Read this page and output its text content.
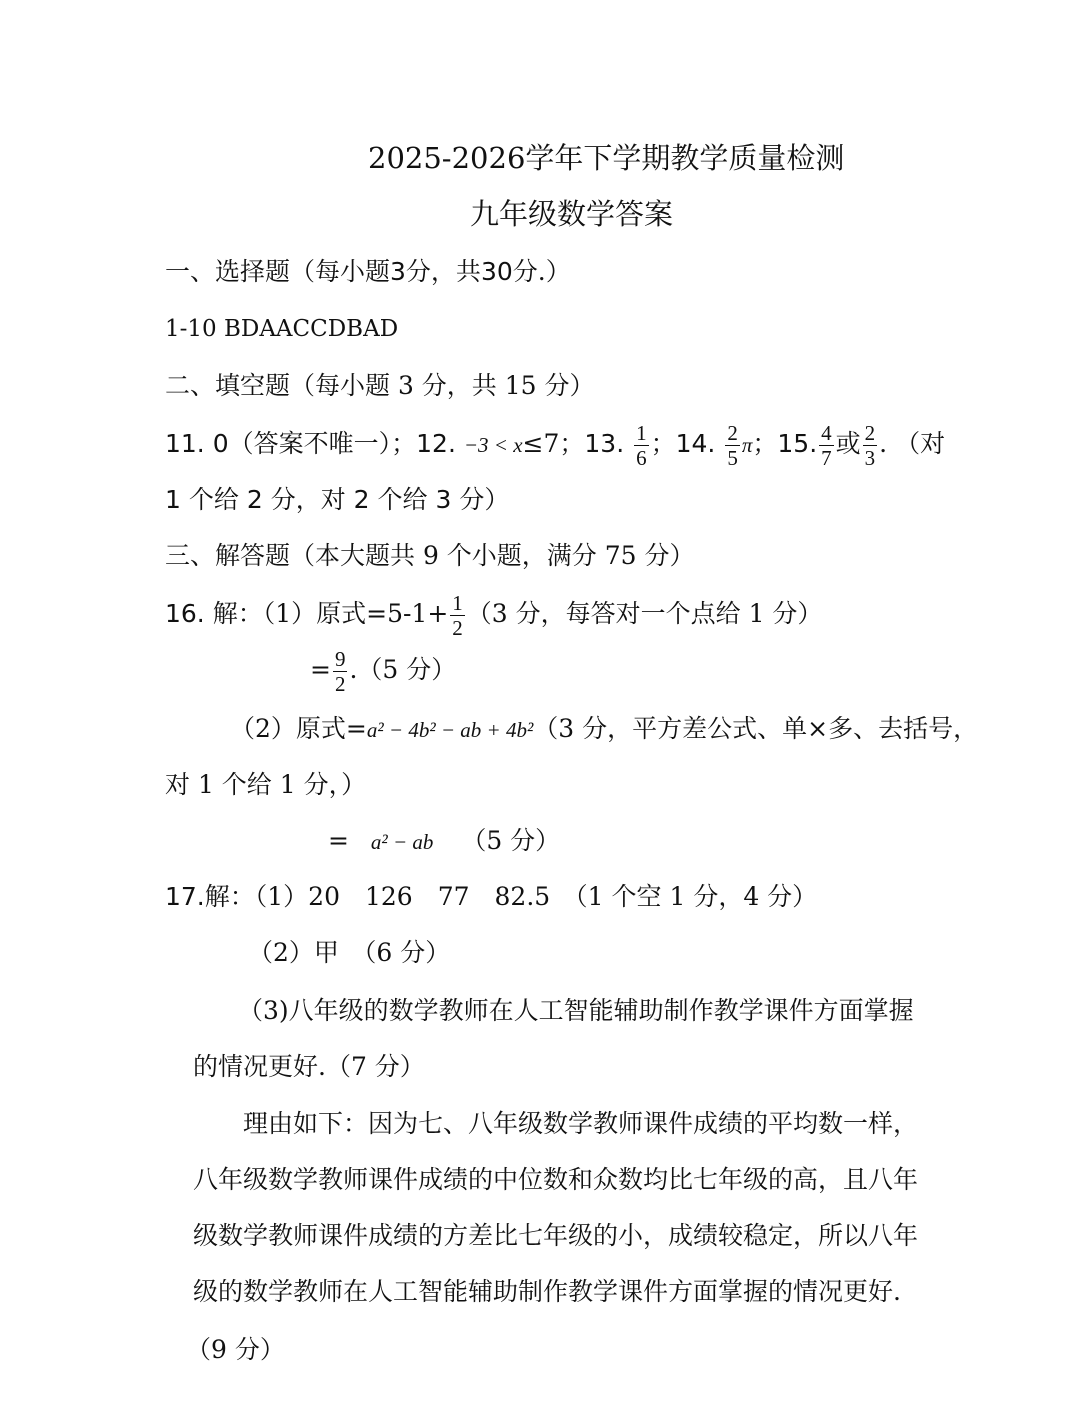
2025-2026学年下学期教学质量检测
九年级数学答案
一、选择题（每小题3分，共30分.）
1-10 BDAACCDBAD
二、填空题（每小题 3 分，共 15 分）
11. 0（答案不唯一）；12. −3 < x≤7；13. $\frac{1}{6}$ ；14. $\frac{2}{5}$ π；15. $\frac{4}{7}$ 或 $\frac{2}{3}$ . （对
1 个给 2 分，对 2 个给 3 分）
三、解答题（本大题共 9 个小题，满分 75 分）
16. 解：（1）原式$=5-1+ \frac{1}{2} (3$ 分，每答对一个点给 1 分）
= $\frac{9}{2} .(5$ 分）
（2）原式=a² − 4b² − ab + 4b²（3 分，平方差公式、单×多、去括号，
对 1 个给 1 分，）
= a² − ab （5 分）
17.解：（1）20　126　77　82.5　（1 个空 1 分，4 分）
（2）甲　（6 分）
（3)八年级的数学教师在人工智能辅助制作教学课件方面掌握
的情况更好.（7 分）
理由如下：因为七、八年级数学教师课件成绩的平均数一样，
八年级数学教师课件成绩的中位数和众数均比七年级的高，且八年
级数学教师课件成绩的方差比七年级的小，成绩较稳定，所以八年
级的数学教师在人工智能辅助制作教学课件方面掌握的情况更好.
（9 分）
